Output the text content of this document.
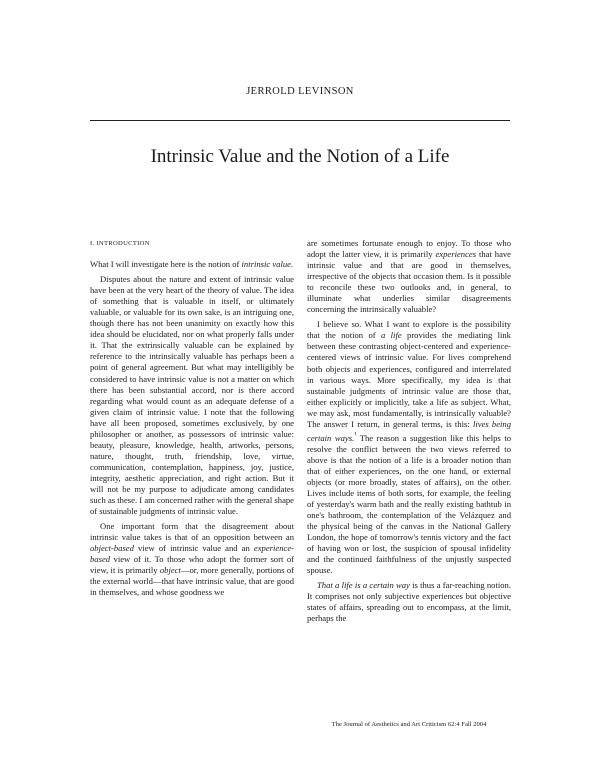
JERROLD LEVINSON
Intrinsic Value and the Notion of a Life

I. INTRODUCTION

What I will investigate here is the notion of intrinsic value.

Disputes about the nature and extent of intrinsic value have been at the very heart of the theory of value. The idea of something that is valuable in itself, or ultimately valuable, or valuable for its own sake, is an intriguing one, though there has not been unanimity on exactly how this idea should be elucidated, nor on what properly falls under it. That the extrinsically valuable can be explained by reference to the intrinsically valuable has perhaps been a point of general agreement. But what may intelligibly be considered to have intrinsic value is not a matter on which there has been substantial accord, nor is there accord regarding what would count as an adequate defense of a given claim of intrinsic value. I note that the following have all been proposed, sometimes exclusively, by one philosopher or another, as possessors of intrinsic value: beauty, pleasure, knowledge, health, artworks, persons, nature, thought, truth, friendship, love, virtue, communication, contemplation, happiness, joy, justice, integrity, aesthetic appreciation, and right action. But it will not be my purpose to adjudicate among candidates such as these. I am concerned rather with the general shape of sustainable judgments of intrinsic value.

One important form that the disagreement about intrinsic value takes is that of an opposition between an object-based view of intrinsic value and an experience-based view of it. To those who adopt the former sort of view, it is primarily object—or, more generally, portions of the external world—that have intrinsic value, that are good in themselves, and whose goodness we

are sometimes fortunate enough to enjoy. To those who adopt the latter view, it is primarily experiences that have intrinsic value and that are good in themselves, irrespective of the objects that occasion them. Is it possible to reconcile these two outlooks and, in general, to illuminate what underlies similar disagreements concerning the intrinsically valuable?

I believe so. What I want to explore is the possibility that the notion of a life provides the mediating link between these contrasting object-centered and experience-centered views of intrinsic value. For lives comprehend both objects and experiences, configured and interrelated in various ways. More specifically, my idea is that sustainable judgments of intrinsic value are those that, either explicitly or implicitly, take a life as subject. What, we may ask, most fundamentally, is intrinsically valuable? The answer I return, in general terms, is this: lives being certain ways.$^{^1}$ The reason a suggestion like this helps to resolve the conflict between the two views referred to above is that the notion of a life is a broader notion than that of either experiences, on the one hand, or external objects (or more broadly, states of affairs), on the other. Lives include items of both sorts, for example, the feeling of yesterday's warm bath and the really existing bathtub in one's bathroom, the contemplation of the Velázquez and the physical being of the canvas in the National Gallery London, the hope of tomorrow's tennis victory and the fact of having won or lost, the suspicion of spousal infidelity and the continued faithfulness of the unjustly suspected spouse.

That a life is a certain way is thus a far-reaching notion. It comprises not only subjective experiences but objective states of affairs, spreading out to encompass, at the limit, perhaps the

The Journal of Aesthetics and Art Criticism 62:4 Fall 2004
